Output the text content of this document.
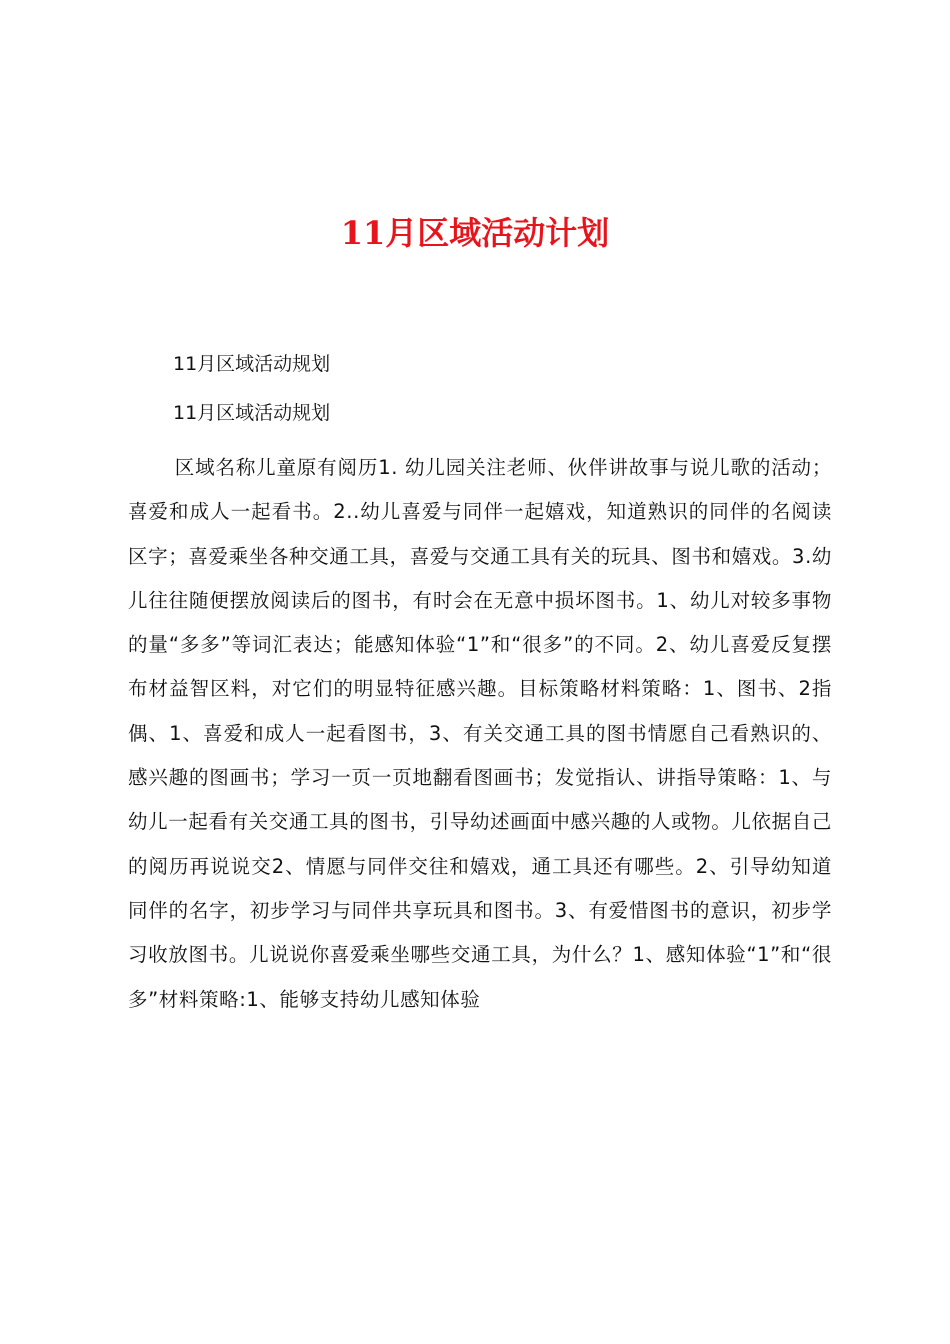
11月区域活动计划

11月区域活动规划

11月区域活动规划

区域名称儿童原有阅历1. 幼儿园关注老师、伙伴讲故事与说儿歌的活动；喜爱和成人一起看书。2..幼儿喜爱与同伴一起嬉戏，知道熟识的同伴的名阅读区字；喜爱乘坐各种交通工具，喜爱与交通工具有关的玩具、图书和嬉戏。3.幼儿往往随便摆放阅读后的图书，有时会在无意中损坏图书。1、幼儿对较多事物的量“多多”等词汇表达；能感知体验“1”和“很多”的不同。2、幼儿喜爱反复摆布材益智区料，对它们的明显特征感兴趣。目标策略材料策略：1、图书、2指偶、1、喜爱和成人一起看图书，3、有关交通工具的图书情愿自己看熟识的、感兴趣的图画书；学习一页一页地翻看图画书；发觉指认、讲指导策略：1、与幼儿一起看有关交通工具的图书，引导幼述画面中感兴趣的人或物。儿依据自己的阅历再说说交2、情愿与同伴交往和嬉戏，通工具还有哪些。2、引导幼知道同伴的名字，初步学习与同伴共享玩具和图书。3、有爱惜图书的意识，初步学习收放图书。儿说说你喜爱乘坐哪些交通工具，为什么？1、感知体验“1”和“很多”材料策略:1、能够支持幼儿感知体验
